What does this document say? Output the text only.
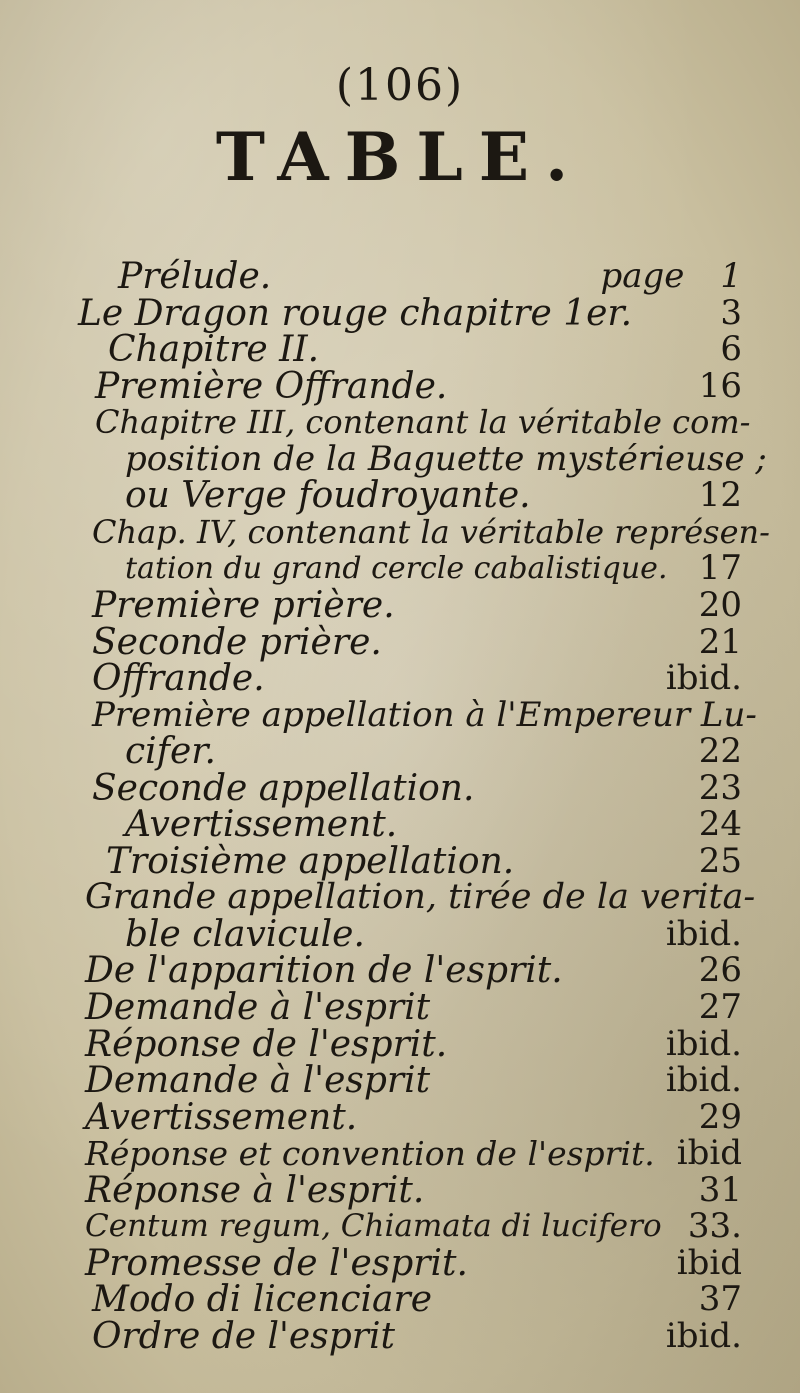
(106)
TABLE.
Prélude.	page 1
Le Dragon rouge chapitre 1er.	3
Chapitre II.	6
Première Offrande.	16
Chapitre III, contenant la véritable com-
position de la Baguette mystérieuse ;
ou Verge foudroyante.	12
Chap. IV, contenant la véritable représen-
tation du grand cercle cabalistique. 17
Première prière.	20
Seconde prière.	21
Offrande.	ibid.
Première appellation à l'Empereur Lu-
cifer.	22
Seconde appellation.	23
Avertissement.	24
Troisième appellation.	25
Grande appellation, tirée de la verita-
ble clavicule.	ibid.
De l'apparition de l'esprit.	26
Demande à l'esprit	27
Réponse de l'esprit.	ibid.
Demande à l'esprit	ibid.
Avertissement.	29
Réponse et convention de l'esprit. ibid
Réponse à l'esprit.	31
Centum regum, Chiamata di lucifero 33.
Promesse de l'esprit.	ibid
Modo di licenciare	37
Ordre de l'esprit	ibid.
